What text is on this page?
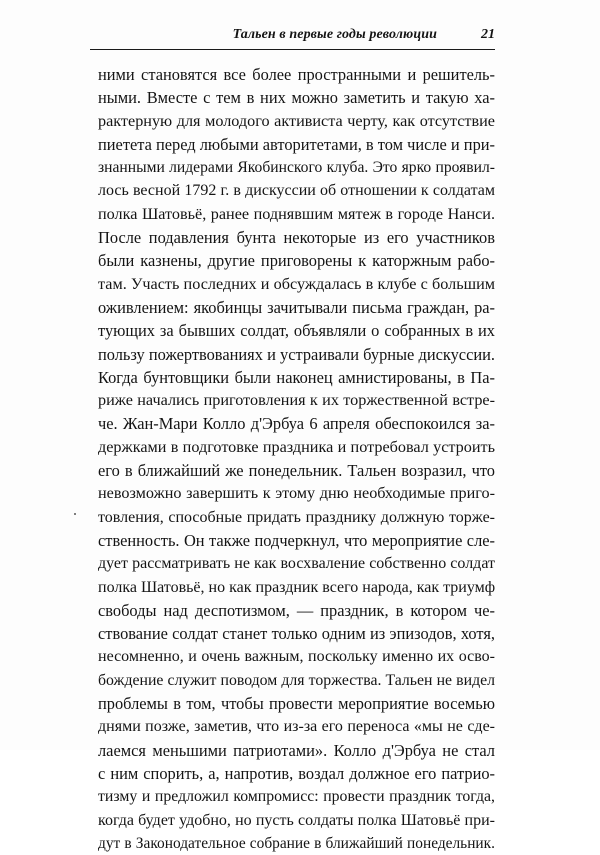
Тальен в первые годы революции	21

ними становятся все более пространными и решитель-
ными. Вместе с тем в них можно заметить и такую ха-
рактерную для молодого активиста черту, как отсутствие
пиетета перед любыми авторитетами, в том числе и при-
знанными лидерами Якобинского клуба. Это ярко проявил-
лось весной 1792 г. в дискуссии об отношении к солдатам
полка Шатовьё, ранее поднявшим мятеж в городе Нанси.
После подавления бунта некоторые из его участников
были казнены, другие приговорены к каторжным рабо-
там. Участь последних и обсуждалась в клубе с большим
оживлением: якобинцы зачитывали письма граждан, ра-
тующих за бывших солдат, объявляли о собранных в их
пользу пожертвованиях и устраивали бурные дискуссии.
Когда бунтовщики были наконец амнистированы, в Па-
риже начались приготовления к их торжественной встре-
че. Жан-Мари Колло д'Эрбуа 6 апреля обеспокоился за-
держками в подготовке праздника и потребовал устроить
его в ближайший же понедельник. Тальен возразил, что
невозможно завершить к этому дню необходимые приго-
товления, способные придать празднику должную торже-
ственность. Он также подчеркнул, что мероприятие сле-
дует рассматривать не как восхваление собственно солдат
полка Шатовьё, но как праздник всего народа, как триумф
свободы над деспотизмом, — праздник, в котором че-
ствование солдат станет только одним из эпизодов, хотя,
несомненно, и очень важным, поскольку именно их осво-
бождение служит поводом для торжества. Тальен не видел
проблемы в том, чтобы провести мероприятие восемью
днями позже, заметив, что из-за его переноса «мы не сде-
лаемся меньшими патриотами». Колло д'Эрбуа не стал
с ним спорить, а, напротив, воздал должное его патрио-
тизму и предложил компромисс: провести праздник тогда,
когда будет удобно, но пусть солдаты полка Шатовьё при-
дут в Законодательное собрание в ближайший понедельник.
